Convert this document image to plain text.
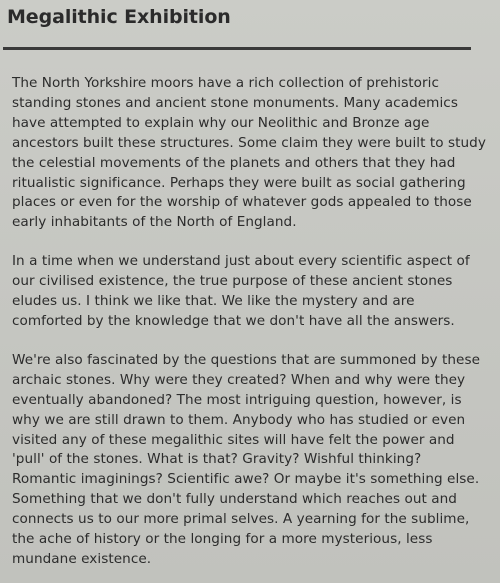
Megalithic Exhibition

The North Yorkshire moors have a rich collection of prehistoric standing stones and ancient stone monuments. Many academics have attempted to explain why our Neolithic and Bronze age ancestors built these structures. Some claim they were built to study the celestial movements of the planets and others that they had ritualistic significance. Perhaps they were built as social gathering places or even for the worship of whatever gods appealed to those early inhabitants of the North of England.

In a time when we understand just about every scientific aspect of our civilised existence, the true purpose of these ancient stones eludes us. I think we like that. We like the mystery and are comforted by the knowledge that we don't have all the answers.

We're also fascinated by the questions that are summoned by these archaic stones. Why were they created? When and why were they eventually abandoned? The most intriguing question, however, is why we are still drawn to them. Anybody who has studied or even visited any of these megalithic sites will have felt the power and 'pull' of the stones. What is that? Gravity? Wishful thinking? Romantic imaginings? Scientific awe? Or maybe it's something else. Something that we don't fully understand which reaches out and connects us to our more primal selves. A yearning for the sublime, the ache of history or the longing for a more mysterious, less mundane existence.
